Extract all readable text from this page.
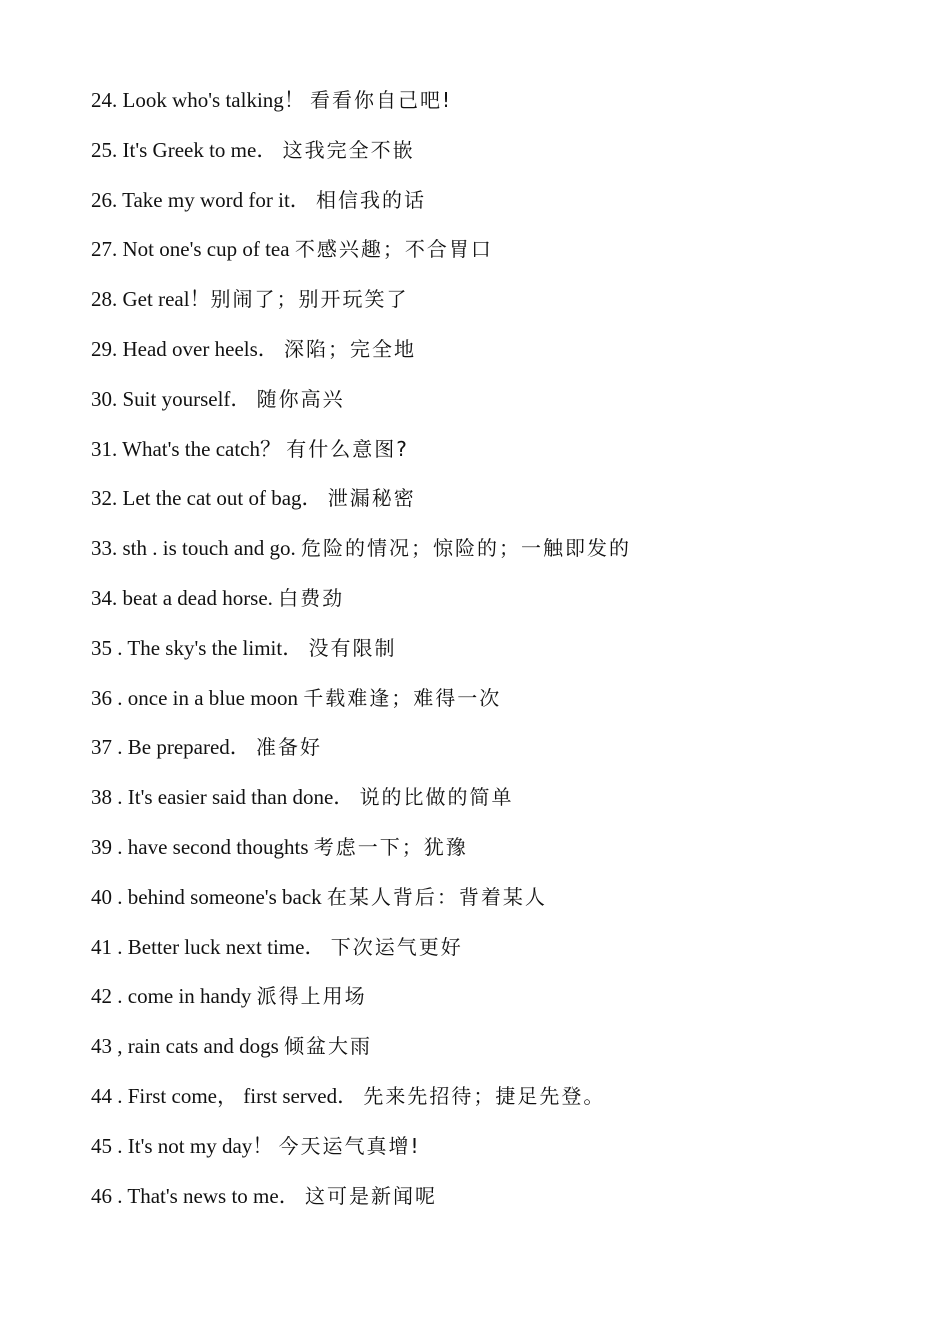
24. Look who's talking！ 看看你自己吧!
25. It's Greek to me． 这我完全不嵌
26. Take my word for it． 相信我的话
27. Not one's cup of tea 不感兴趣；不合胃口
28. Get real！别闹了；别开玩笑了
29. Head over heels． 深陷；完全地
30. Suit yourself． 随你高兴
31. What's the catch？ 有什么意图?
32. Let the cat out of bag． 泄漏秘密
33. sth . is touch and go. 危险的情况；惊险的；一触即发的
34. beat a dead horse. 白费劲
35 . The sky's the limit． 没有限制
36 . once in a blue moon 千载难逢；难得一次
37 . Be prepared． 准备好
38 . It's easier said than done． 说的比做的简单
39 . have second thoughts 考虑一下；犹豫
40 . behind someone's back 在某人背后：背着某人
41 . Better luck next time． 下次运气更好
42 . come in handy 派得上用场
43 , rain cats and dogs 倾盆大雨
44 . First come， first served． 先来先招待；捷足先登。
45 . It's not my day！ 今天运气真增!
46 . That's news to me． 这可是新闻呢
